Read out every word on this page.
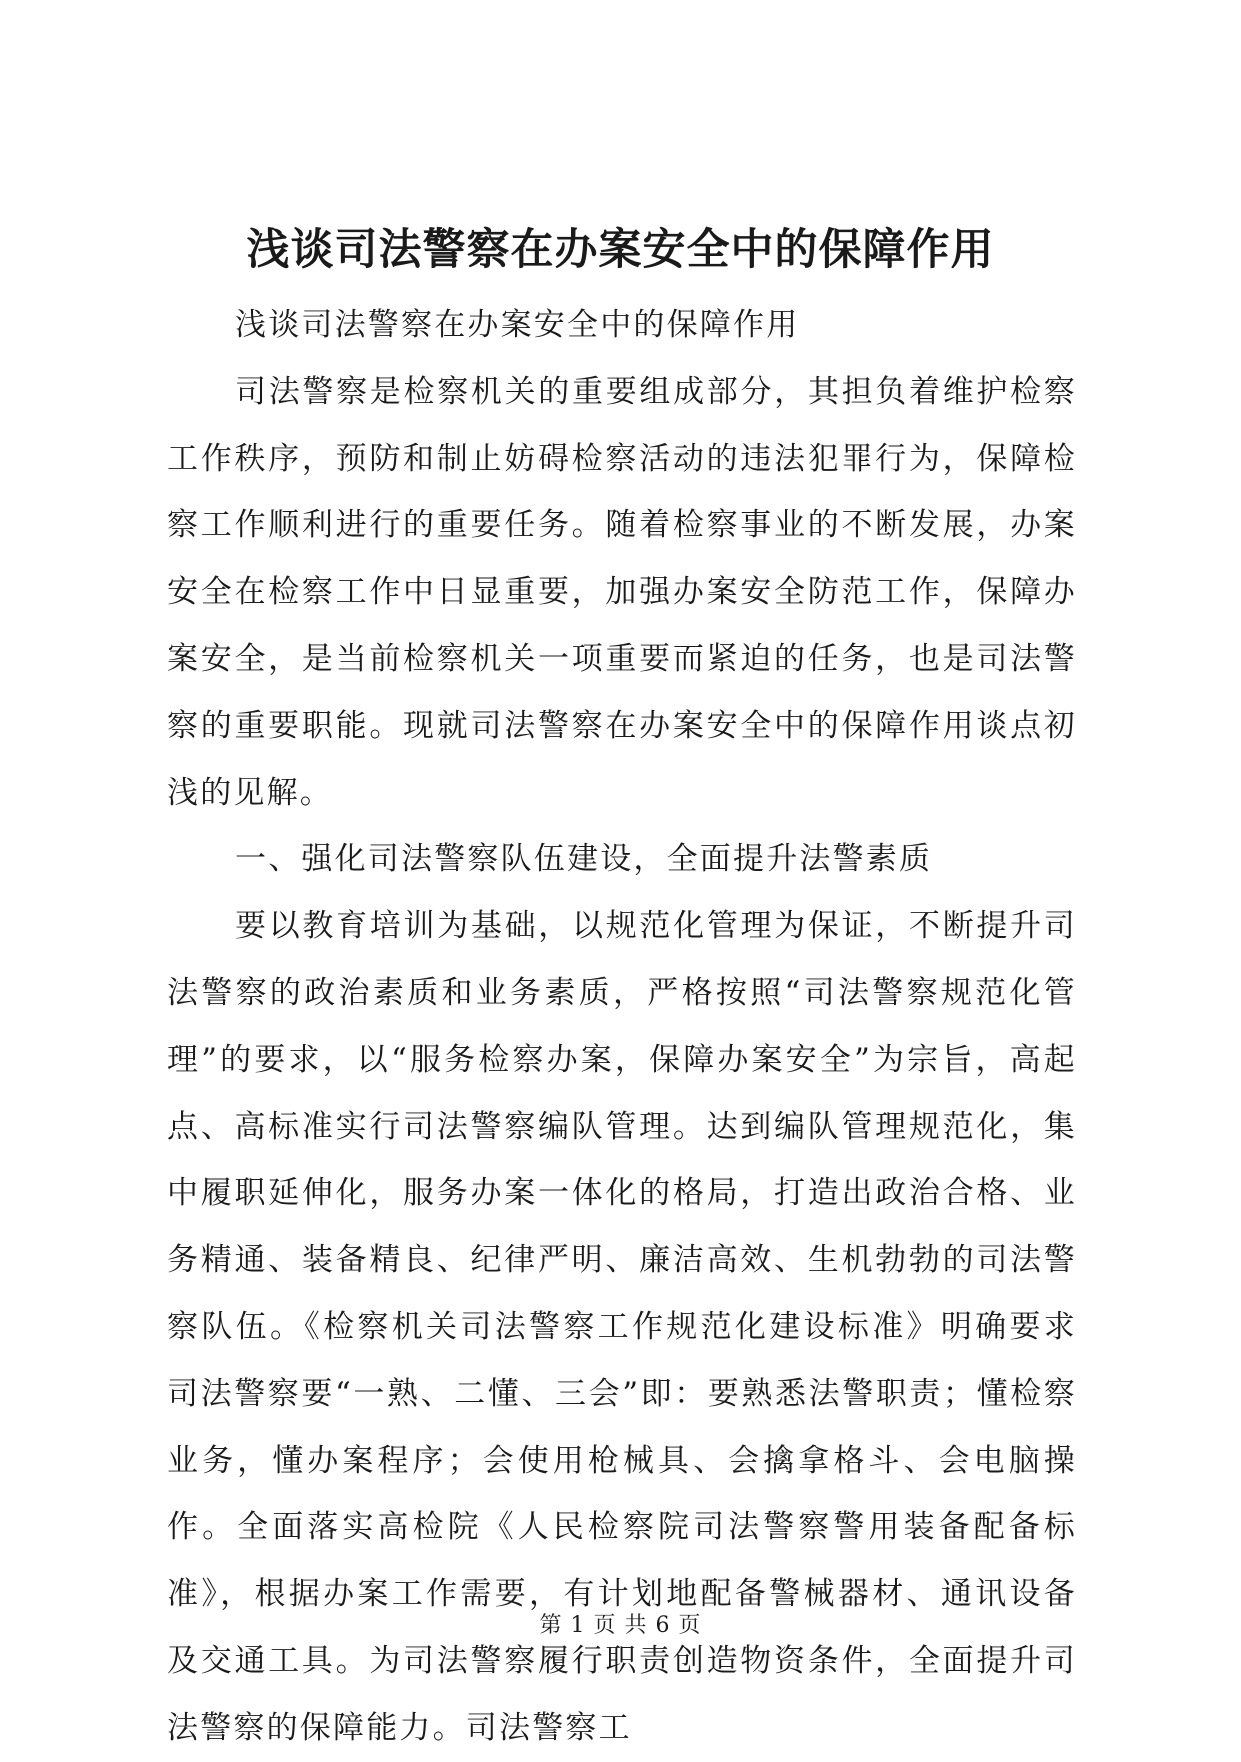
浅谈司法警察在办案安全中的保障作用

浅谈司法警察在办案安全中的保障作用

司法警察是检察机关的重要组成部分，其担负着维护检察工作秩序，预防和制止妨碍检察活动的违法犯罪行为，保障检察工作顺利进行的重要任务。随着检察事业的不断发展，办案安全在检察工作中日显重要，加强办案安全防范工作，保障办案安全，是当前检察机关一项重要而紧迫的任务，也是司法警察的重要职能。现就司法警察在办案安全中的保障作用谈点初浅的见解。

一、强化司法警察队伍建设，全面提升法警素质

要以教育培训为基础，以规范化管理为保证，不断提升司法警察的政治素质和业务素质，严格按照“司法警察规范化管理”的要求，以“服务检察办案，保障办案安全”为宗旨，高起点、高标准实行司法警察编队管理。达到编队管理规范化，集中履职延伸化，服务办案一体化的格局，打造出政治合格、业务精通、装备精良、纪律严明、廉洁高效、生机勃勃的司法警察队伍。《检察机关司法警察工作规范化建设标准》明确要求司法警察要“一熟、二懂、三会”即：要熟悉法警职责；懂检察业务，懂办案程序；会使用枪械具、会擒拿格斗、会电脑操作。全面落实高检院《人民检察院司法警察警用装备配备标准》，根据办案工作需要，有计划地配备警械器材、通讯设备及交通工具。为司法警察履行职责创造物资条件，全面提升司法警察的保障能力。司法警察工

第 1 页 共 6 页
